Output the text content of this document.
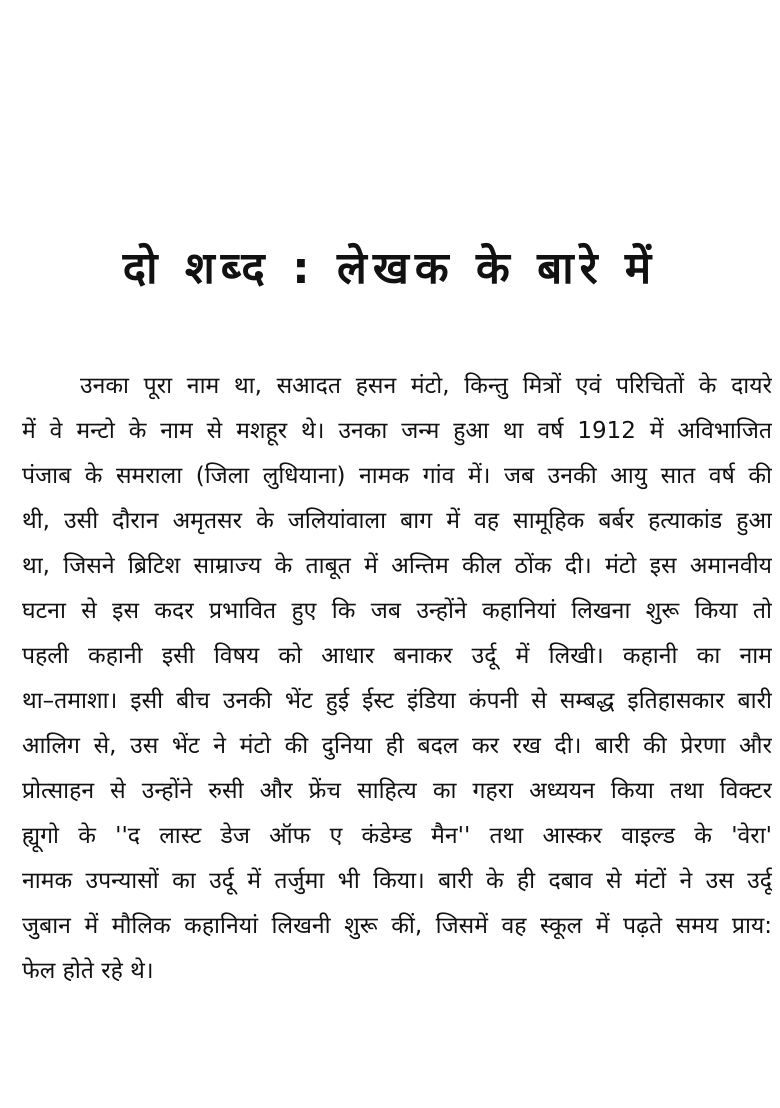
दो शब्द : लेखक के बारे में
उनका पूरा नाम था, सआदत हसन मंटो, किन्तु मित्रों एवं परिचितों के दायरे
में वे मन्टो के नाम से मशहूर थे। उनका जन्म हुआ था वर्ष 1912 में अविभाजित
पंजाब के समराला (जिला लुधियाना) नामक गांव में। जब उनकी आयु सात वर्ष की
थी, उसी दौरान अमृतसर के जलियांवाला बाग में वह सामूहिक बर्बर हत्याकांड हुआ
था, जिसने ब्रिटिश साम्राज्य के ताबूत में अन्तिम कील ठोंक दी। मंटो इस अमानवीय
घटना से इस कदर प्रभावित हुए कि जब उन्होंने कहानियां लिखना शुरू किया तो
पहली कहानी इसी विषय को आधार बनाकर उर्दू में लिखी। कहानी का नाम
था–तमाशा। इसी बीच उनकी भेंट हुई ईस्ट इंडिया कंपनी से सम्बद्ध इतिहासकार बारी
आलिग से, उस भेंट ने मंटो की दुनिया ही बदल कर रख दी। बारी की प्रेरणा और
प्रोत्साहन से उन्होंने रुसी और फ्रेंच साहित्य का गहरा अध्ययन किया तथा विक्टर
ह्यूगो के ''द लास्ट डेज ऑफ ए कंडेम्ड मैन'' तथा आस्कर वाइल्ड के 'वेरा'
नामक उपन्यासों का उर्दू में तर्जुमा भी किया। बारी के ही दबाव से मंटों ने उस उर्दू
जुबान में मौलिक कहानियां लिखनी शुरू कीं, जिसमें वह स्कूल में पढ़ते समय प्राय:
फेल होते रहे थे।
